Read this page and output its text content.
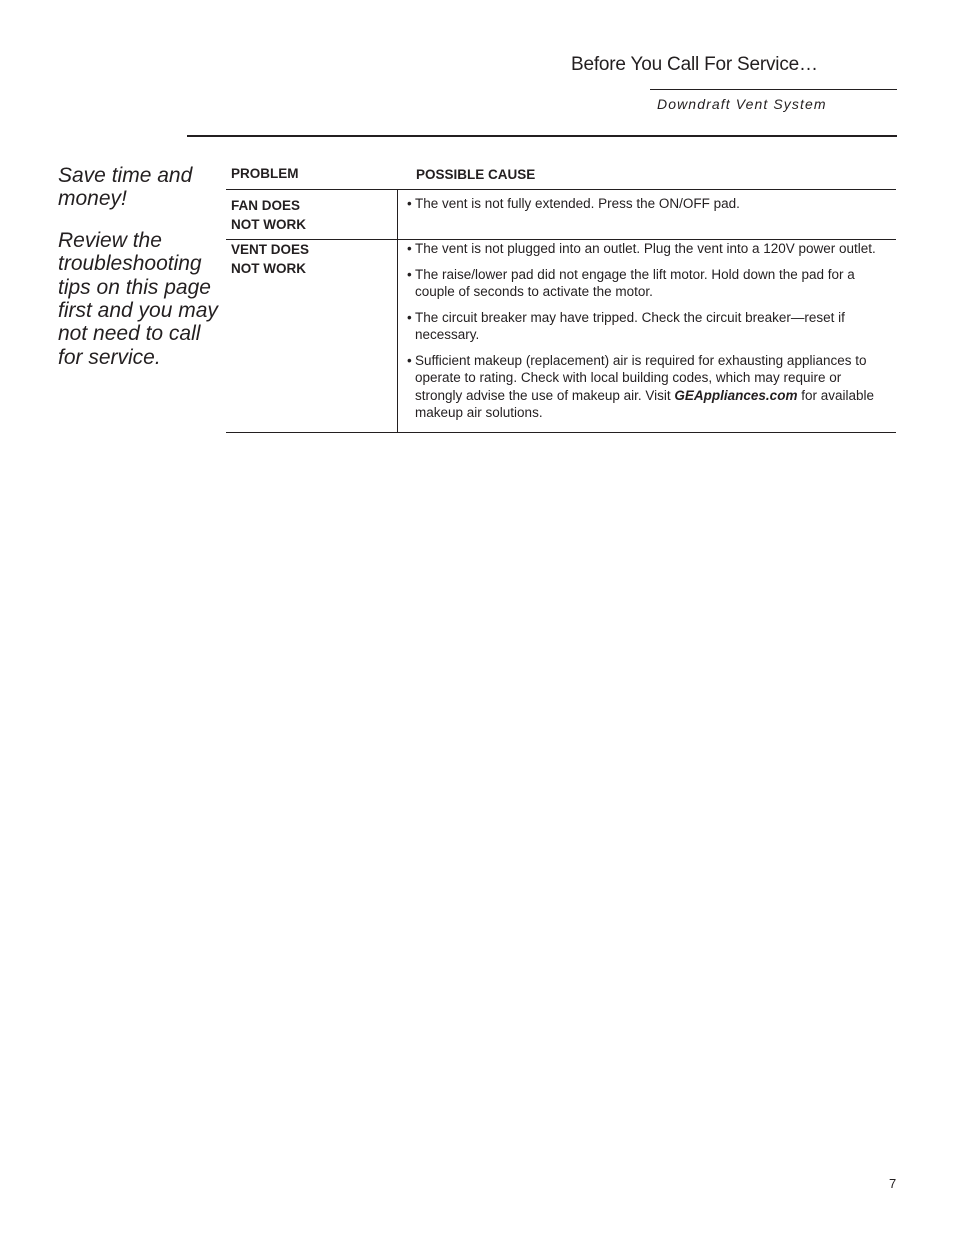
Before You Call For Service…
Downdraft Vent System

Save time and money!

Review the troubleshooting tips on this page first and you may not need to call for service.

PROBLEM	POSSIBLE CAUSE
FAN DOES
NOT WORK
• The vent is not fully extended. Press the ON/OFF pad.
VENT DOES
NOT WORK
• The vent is not plugged into an outlet. Plug the vent into a 120V power outlet.
• The raise/lower pad did not engage the lift motor. Hold down the pad for a couple of seconds to activate the motor.
• The circuit breaker may have tripped. Check the circuit breaker—reset if necessary.
• Sufficient makeup (replacement) air is required for exhausting appliances to operate to rating. Check with local building codes, which may require or strongly advise the use of makeup air. Visit GEAppliances.com for available makeup air solutions.
7
